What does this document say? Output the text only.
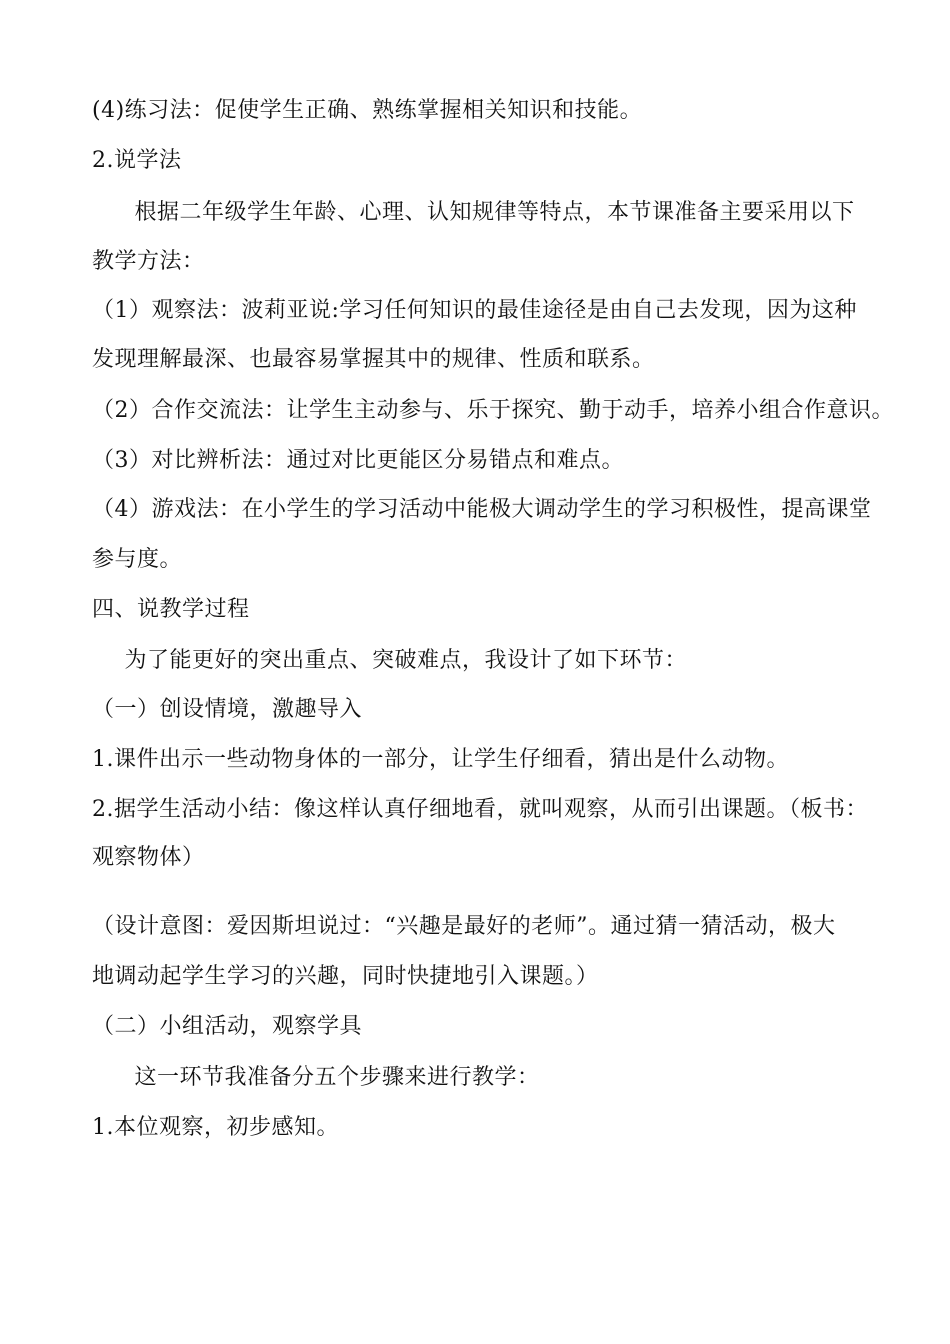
(4)练习法：促使学生正确、熟练掌握相关知识和技能。
2.说学法
　根据二年级学生年龄、心理、认知规律等特点，本节课准备主要采用以下
教学方法：
（1）观察法：波莉亚说:学习任何知识的最佳途径是由自己去发现，因为这种
发现理解最深、也最容易掌握其中的规律、性质和联系。
（2）合作交流法：让学生主动参与、乐于探究、勤于动手，培养小组合作意识。
（3）对比辨析法：通过对比更能区分易错点和难点。
（4）游戏法：在小学生的学习活动中能极大调动学生的学习积极性，提高课堂
参与度。
四、说教学过程
　为了能更好的突出重点、突破难点，我设计了如下环节：
（一）创设情境，激趣导入
1.课件出示一些动物身体的一部分，让学生仔细看，猜出是什么动物。
2.据学生活动小结：像这样认真仔细地看，就叫观察，从而引出课题。（板书：
观察物体）
（设计意图：爱因斯坦说过：“兴趣是最好的老师”。通过猜一猜活动，极大
地调动起学生学习的兴趣，同时快捷地引入课题。）
（二）小组活动，观察学具
　这一环节我准备分五个步骤来进行教学：
1.本位观察，初步感知。
